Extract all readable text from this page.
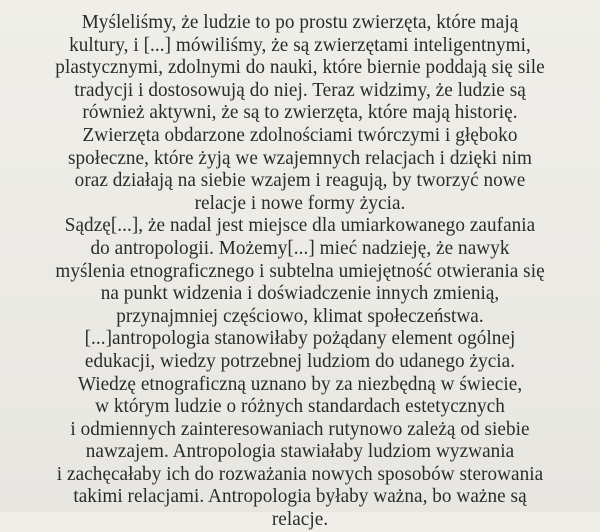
Myśleliśmy, że ludzie to po prostu zwierzęta, które mają
kultury, i [...] mówiliśmy, że są zwierzętami inteligentnymi,
plastycznymi, zdolnymi do nauki, które biernie poddają się sile
tradycji i dostosowują do niej. Teraz widzimy, że ludzie są
również aktywni, że są to zwierzęta, które mają historię.
Zwierzęta obdarzone zdolnościami twórczymi i głęboko
społeczne, które żyją we wzajemnych relacjach i dzięki nim
oraz działają na siebie wzajem i reagują, by tworzyć nowe
relacje i nowe formy życia.
Sądzę[...], że nadal jest miejsce dla umiarkowanego zaufania
do antropologii. Możemy[...] mieć nadzieję, że nawyk
myślenia etnograficznego i subtelna umiejętność otwierania się
na punkt widzenia i doświadczenie innych zmienią,
przynajmniej częściowo, klimat społeczeństwa.
[...]antropologia stanowiłaby pożądany element ogólnej
edukacji, wiedzy potrzebnej ludziom do udanego życia.
Wiedzę etnograficzną uznano by za niezbędną w świecie,
w którym ludzie o różnych standardach estetycznych
i odmiennych zainteresowaniach rutynowo zależą od siebie
nawzajem. Antropologia stawiałaby ludziom wyzwania
i zachęcałaby ich do rozważania nowych sposobów sterowania
takimi relacjami. Antropologia byłaby ważna, bo ważne są
relacje.
